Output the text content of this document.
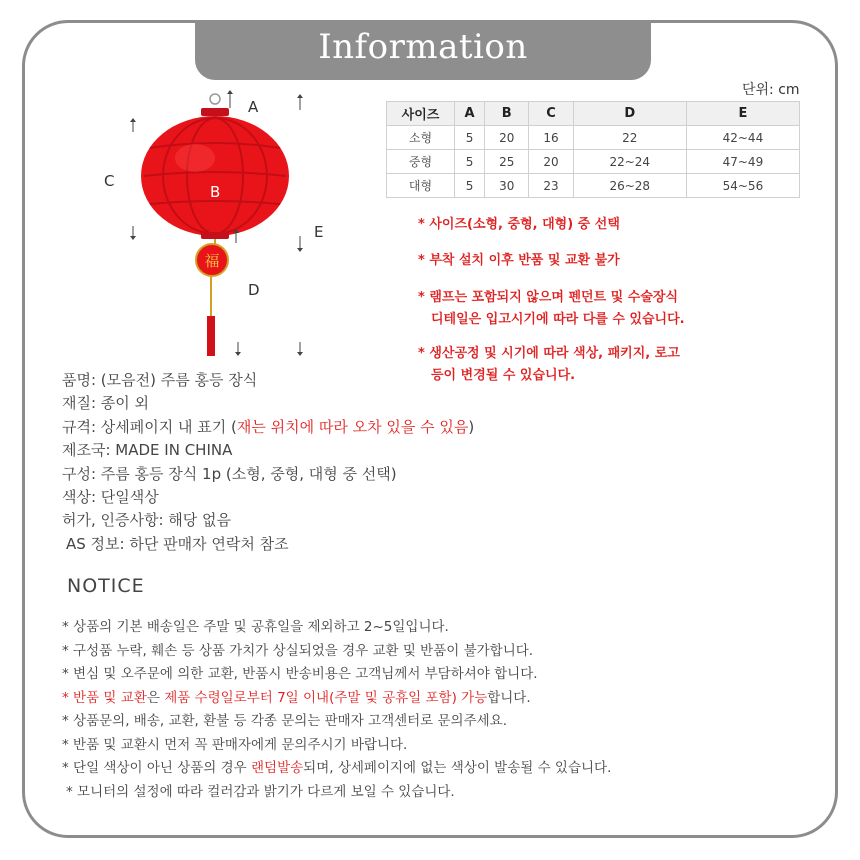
Information
福
A
B
C
D
E
단위: cm
사이즈	A	B	C	D	E
소형	5	20	16	22	42~44
중형	5	25	20	22~24	47~49
대형	5	30	23	26~28	54~56
* 사이즈(소형, 중형, 대형) 중 선택
* 부착 설치 이후 반품 및 교환 불가
* 램프는 포함되지 않으며 펜던트 및 수술장식
디테일은 입고시기에 따라 다를 수 있습니다.
* 생산공정 및 시기에 따라 색상, 패키지, 로고
등이 변경될 수 있습니다.
품명: (모음전) 주름 홍등 장식
재질: 종이 외
규격: 상세페이지 내 표기 (재는 위치에 따라 오차 있을 수 있음)
제조국: MADE IN CHINA
구성: 주름 홍등 장식 1p (소형, 중형, 대형 중 선택)
색상: 단일색상
허가, 인증사항: 해당 없음
AS 정보: 하단 판매자 연락처 참조
NOTICE
* 상품의 기본 배송일은 주말 및 공휴일을 제외하고 2~5일입니다.
* 구성품 누락, 훼손 등 상품 가치가 상실되었을 경우 교환 및 반품이 불가합니다.
* 변심 및 오주문에 의한 교환, 반품시 반송비용은 고객님께서 부담하셔야 합니다.
* 반품 및 교환은 제품 수령일로부터 7일 이내(주말 및 공휴일 포함) 가능합니다.
* 상품문의, 배송, 교환, 환불 등 각종 문의는 판매자 고객센터로 문의주세요.
* 반품 및 교환시 먼저 꼭 판매자에게 문의주시기 바랍니다.
* 단일 색상이 아닌 상품의 경우 랜덤발송되며, 상세페이지에 없는 색상이 발송될 수 있습니다.
* 모니터의 설정에 따라 컬러감과 밝기가 다르게 보일 수 있습니다.
